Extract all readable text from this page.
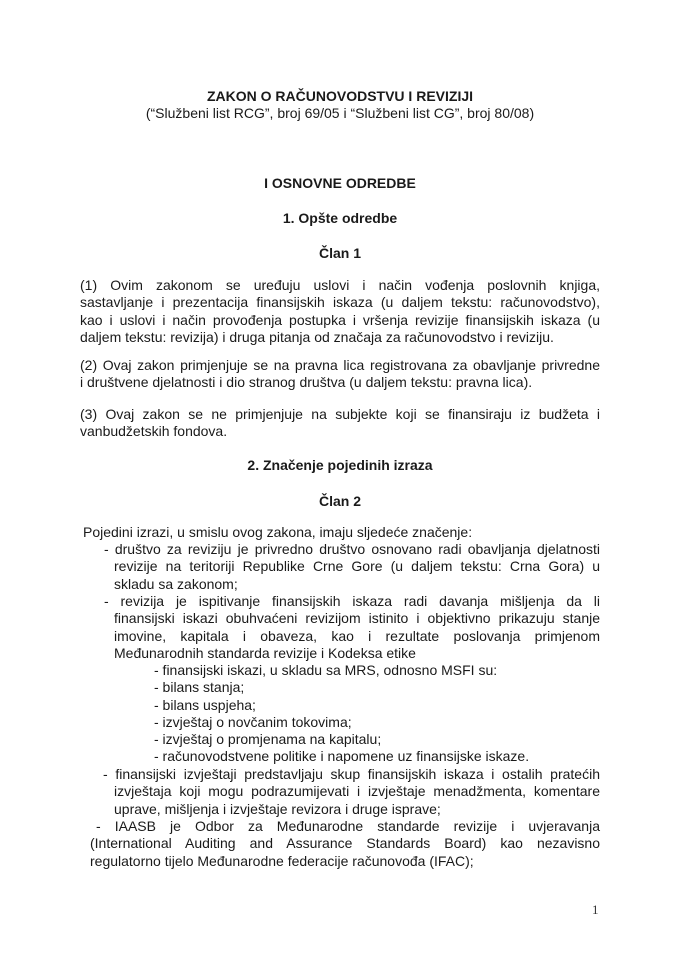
ZAKON O RAČUNOVODSTVU I REVIZIJI
(“Službeni list RCG”, broj 69/05 i “Službeni list CG”, broj 80/08)
I OSNOVNE ODREDBE
1. Opšte odredbe
Član 1
(1) Ovim zakonom se uređuju uslovi i način vođenja poslovnih knjiga,
sastavljanje i prezentacija finansijskih iskaza (u daljem tekstu: računovodstvo),
kao i uslovi i način provođenja postupka i vršenja revizije finansijskih iskaza (u
daljem tekstu: revizija) i druga pitanja od značaja za računovodstvo i reviziju.
(2) Ovaj zakon primjenjuje se na pravna lica registrovana za obavljanje privredne
i društvene djelatnosti i dio stranog društva (u daljem tekstu: pravna lica).
(3) Ovaj zakon se ne primjenjuje na subjekte koji se finansiraju iz budžeta i
vanbudžetskih fondova.
2. Značenje pojedinih izraza
Član 2
Pojedini izrazi, u smislu ovog zakona, imaju sljedeće značenje:
- društvo za reviziju je privredno društvo osnovano radi obavljanja djelatnosti
revizije na teritoriji Republike Crne Gore (u daljem tekstu: Crna Gora) u
skladu sa zakonom;
- revizija je ispitivanje finansijskih iskaza radi davanja mišljenja da li
finansijski iskazi obuhvaćeni revizijom istinito i objektivno prikazuju stanje
imovine, kapitala i obaveza, kao i rezultate poslovanja primjenom
Međunarodnih standarda revizije i Kodeksa etike
- finansijski iskazi, u skladu sa MRS, odnosno MSFI su:
- bilans stanja;
- bilans uspjeha;
- izvještaj o novčanim tokovima;
- izvještaj o promjenama na kapitalu;
- računovodstvene politike i napomene uz finansijske iskaze.
- finansijski izvještaji predstavljaju skup finansijskih iskaza i ostalih pratećih
izvještaja koji mogu podrazumijevati i izvještaje menadžmenta, komentare
uprave, mišljenja i izvještaje revizora i druge isprave;
- IAASB je Odbor za Međunarodne standarde revizije i uvjeravanja
(International Auditing and Assurance Standards Board) kao nezavisno
regulatorno tijelo Međunarodne federacije računovođa (IFAC);
1
